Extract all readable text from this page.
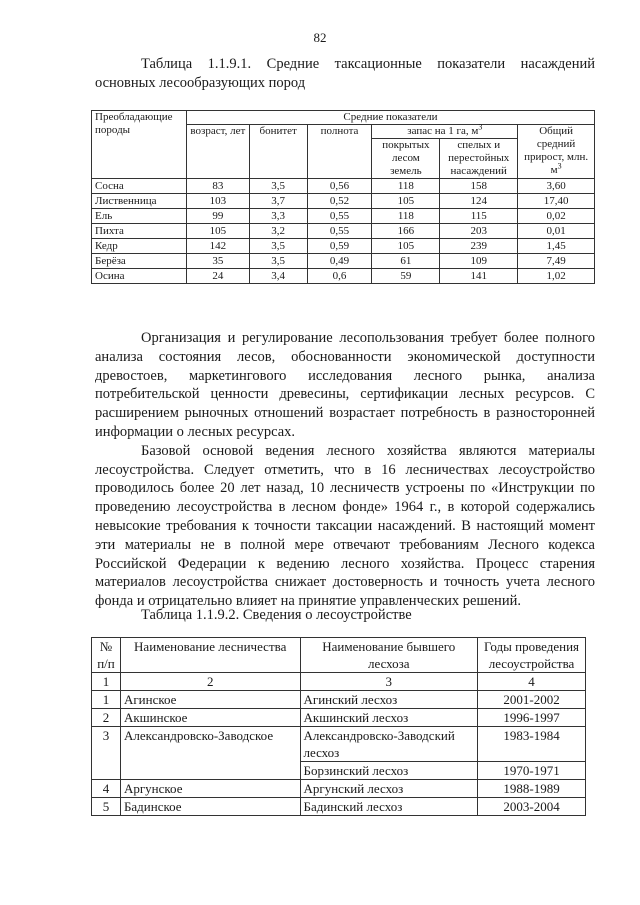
82
Таблица 1.1.9.1. Средние таксационные показатели насаждений основных лесообразующих пород
Преобладающие породы	Средние показатели					
	возраст, лет	бонитет	полнота	запас на 1 га, $м^3$		Общий средний прирост, млн. $м^3$
				покрытых лесом земель	спелых и перестойных насаждений	
Сосна	83	3,5	0,56	118	158	3,60
Лиственница	103	3,7	0,52	105	124	17,40
Ель	99	3,3	0,55	118	115	0,02
Пихта	105	3,2	0,55	166	203	0,01
Кедр	142	3,5	0,59	105	239	1,45
Берёза	35	3,5	0,49	61	109	7,49
Осина	24	3,4	0,6	59	141	1,02

Организация и регулирование лесопользования требует более полного анализа состояния лесов, обоснованности экономической доступности древостоев, маркетингового исследования лесного рынка, анализа потребительской ценности древесины, сертификации лесных ресурсов. С расширением рыночных отношений возрастает потребность в разносторонней информации о лесных ресурсах.

Базовой основой ведения лесного хозяйства являются материалы лесоустройства. Следует отметить, что в 16 лесничествах лесоустройство проводилось более 20 лет назад, 10 лесничеств устроены по «Инструкции по проведению лесоустройства в лесном фонде» 1964 г., в которой содержались невысокие требования к точности таксации насаждений. В настоящий момент эти материалы не в полной мере отвечают требованиям Лесного кодекса Российской Федерации к ведению лесного хозяйства. Процесс старения материалов лесоустройства снижает достоверность и точность учета лесного фонда и отрицательно влияет на принятие управленческих решений.

Таблица 1.1.9.2. Сведения о лесоустройстве
№ п/п	Наименование лесничества	Наименование бывшего лесхоза	Годы проведения лесоустройства
1	2	3	4
1	Агинское	Агинский лесхоз	2001-2002
2	Акшинское	Акшинский лесхоз	1996-1997
3	Александровско-Заводское	Александровско-Заводский лесхоз	1983-1984
		Борзинский лесхоз	1970-1971
4	Аргунское	Аргунский лесхоз	1988-1989
5	Бадинское	Бадинский лесхоз	2003-2004
